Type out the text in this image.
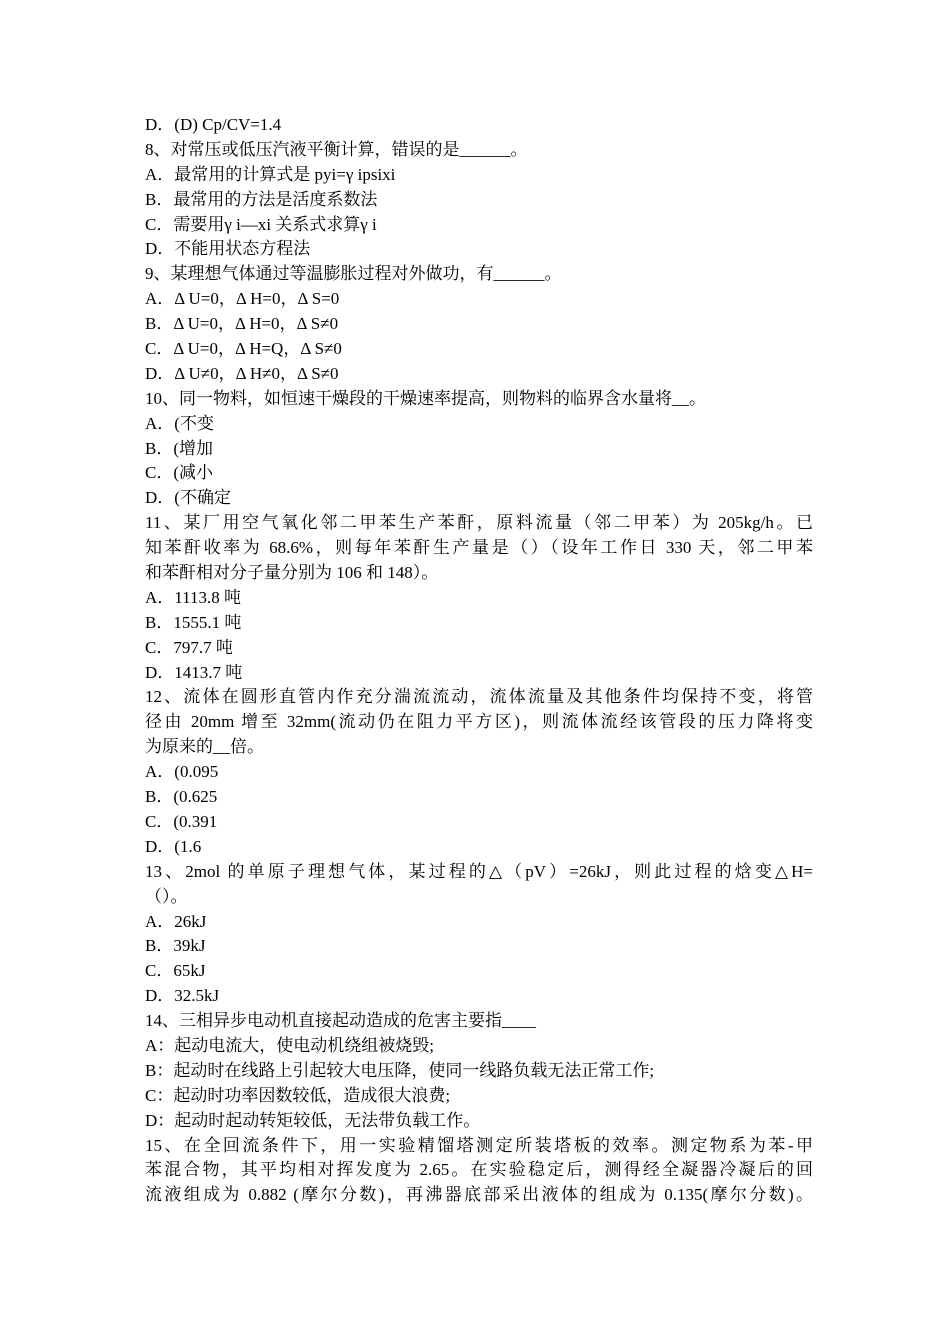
D．(D) Cp/CV=1.4
8、对常压或低压汽液平衡计算，错误的是______。
A．最常用的计算式是 pyi=γ ipsixi
B．最常用的方法是活度系数法
C．需要用γ i—xi 关系式求算γ i
D．不能用状态方程法
9、某理想气体通过等温膨胀过程对外做功，有______。
A．Δ U=0，Δ H=0，Δ S=0
B．Δ U=0，Δ H=0，Δ S≠0
C．Δ U=0，Δ H=Q，Δ S≠0
D．Δ U≠0，Δ H≠0，Δ S≠0
10、同一物料，如恒速干燥段的干燥速率提高，则物料的临界含水量将__。
A．(不变
B．(增加
C．(减小
D．(不确定
11、某厂用空气氧化邻二甲苯生产苯酐，原料流量（邻二甲苯）为 205kg/h。已
知苯酐收率为 68.6%，则每年苯酐生产量是（）（设年工作日 330 天，邻二甲苯
和苯酐相对分子量分别为 106 和 148）。
A．1113.8 吨
B．1555.1 吨
C．797.7 吨
D．1413.7 吨
12、流体在圆形直管内作充分湍流流动，流体流量及其他条件均保持不变，将管
径由 20mm 增至 32mm(流动仍在阻力平方区)，则流体流经该管段的压力降将变
为原来的__倍。
A．(0.095
B．(0.625
C．(0.391
D．(1.6
13、2mol 的单原子理想气体，某过程的△（pV）=26kJ，则此过程的焓变△H=
（）。
A．26kJ
B．39kJ
C．65kJ
D．32.5kJ
14、三相异步电动机直接起动造成的危害主要指____
A：起动电流大，使电动机绕组被烧毁;
B：起动时在线路上引起较大电压降，使同一线路负载无法正常工作;
C：起动时功率因数较低，造成很大浪费;
D：起动时起动转矩较低，无法带负载工作。
15、在全回流条件下，用一实验精馏塔测定所装塔板的效率。测定物系为苯-甲
苯混合物，其平均相对挥发度为 2.65。在实验稳定后，测得经全凝器冷凝后的回
流液组成为 0.882 (摩尔分数)，再沸器底部采出液体的组成为 0.135(摩尔分数)。
